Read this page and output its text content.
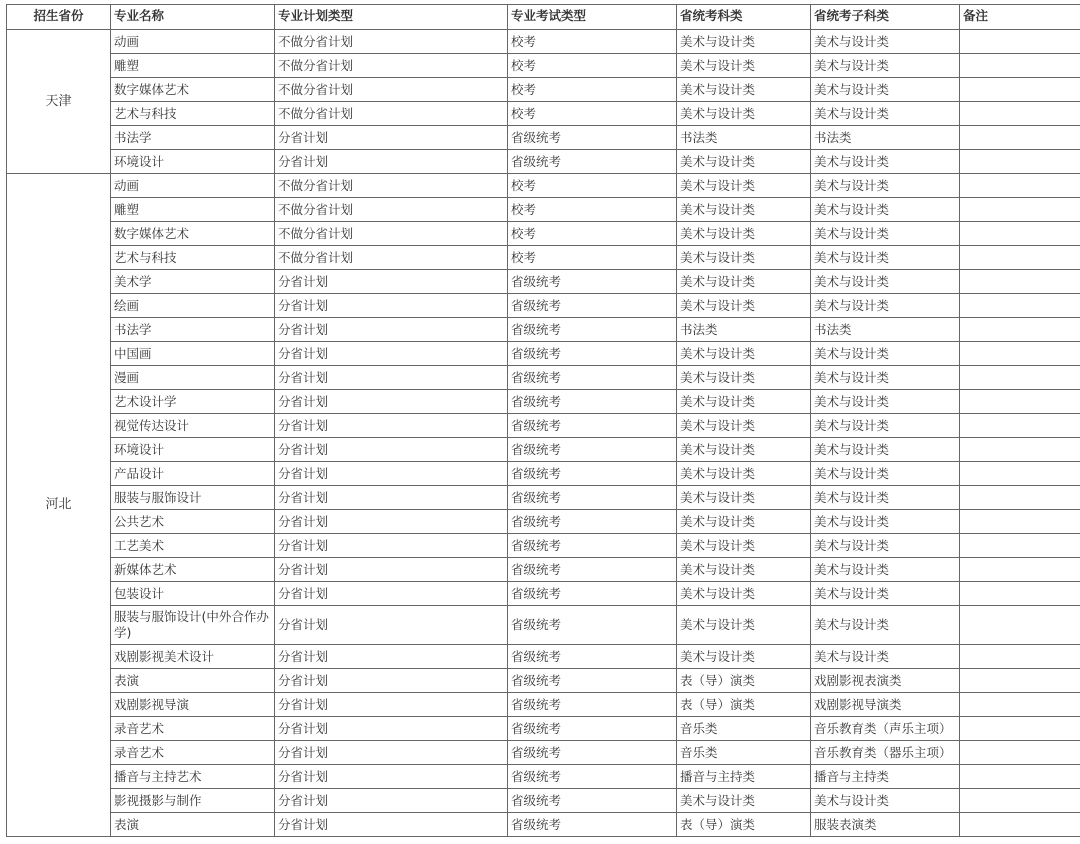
招生省份	专业名称	专业计划类型	专业考试类型	省统考科类	省统考子科类	备注
天津	动画	不做分省计划	校考	美术与设计类	美术与设计类	
	雕塑	不做分省计划	校考	美术与设计类	美术与设计类	
	数字媒体艺术	不做分省计划	校考	美术与设计类	美术与设计类	
	艺术与科技	不做分省计划	校考	美术与设计类	美术与设计类	
	书法学	分省计划	省级统考	书法类	书法类	
	环境设计	分省计划	省级统考	美术与设计类	美术与设计类	
河北	动画	不做分省计划	校考	美术与设计类	美术与设计类	
	雕塑	不做分省计划	校考	美术与设计类	美术与设计类	
	数字媒体艺术	不做分省计划	校考	美术与设计类	美术与设计类	
	艺术与科技	不做分省计划	校考	美术与设计类	美术与设计类	
	美术学	分省计划	省级统考	美术与设计类	美术与设计类	
	绘画	分省计划	省级统考	美术与设计类	美术与设计类	
	书法学	分省计划	省级统考	书法类	书法类	
	中国画	分省计划	省级统考	美术与设计类	美术与设计类	
	漫画	分省计划	省级统考	美术与设计类	美术与设计类	
	艺术设计学	分省计划	省级统考	美术与设计类	美术与设计类	
	视觉传达设计	分省计划	省级统考	美术与设计类	美术与设计类	
	环境设计	分省计划	省级统考	美术与设计类	美术与设计类	
	产品设计	分省计划	省级统考	美术与设计类	美术与设计类	
	服装与服饰设计	分省计划	省级统考	美术与设计类	美术与设计类	
	公共艺术	分省计划	省级统考	美术与设计类	美术与设计类	
	工艺美术	分省计划	省级统考	美术与设计类	美术与设计类	
	新媒体艺术	分省计划	省级统考	美术与设计类	美术与设计类	
	包装设计	分省计划	省级统考	美术与设计类	美术与设计类	
	服装与服饰设计(中外合作办学)	分省计划	省级统考	美术与设计类	美术与设计类	
	戏剧影视美术设计	分省计划	省级统考	美术与设计类	美术与设计类	
	表演	分省计划	省级统考	表（导）演类	戏剧影视表演类	
	戏剧影视导演	分省计划	省级统考	表（导）演类	戏剧影视导演类	
	录音艺术	分省计划	省级统考	音乐类	音乐教育类（声乐主项）	
	录音艺术	分省计划	省级统考	音乐类	音乐教育类（器乐主项）	
	播音与主持艺术	分省计划	省级统考	播音与主持类	播音与主持类	
	影视摄影与制作	分省计划	省级统考	美术与设计类	美术与设计类	
	表演	分省计划	省级统考	表（导）演类	服装表演类	
